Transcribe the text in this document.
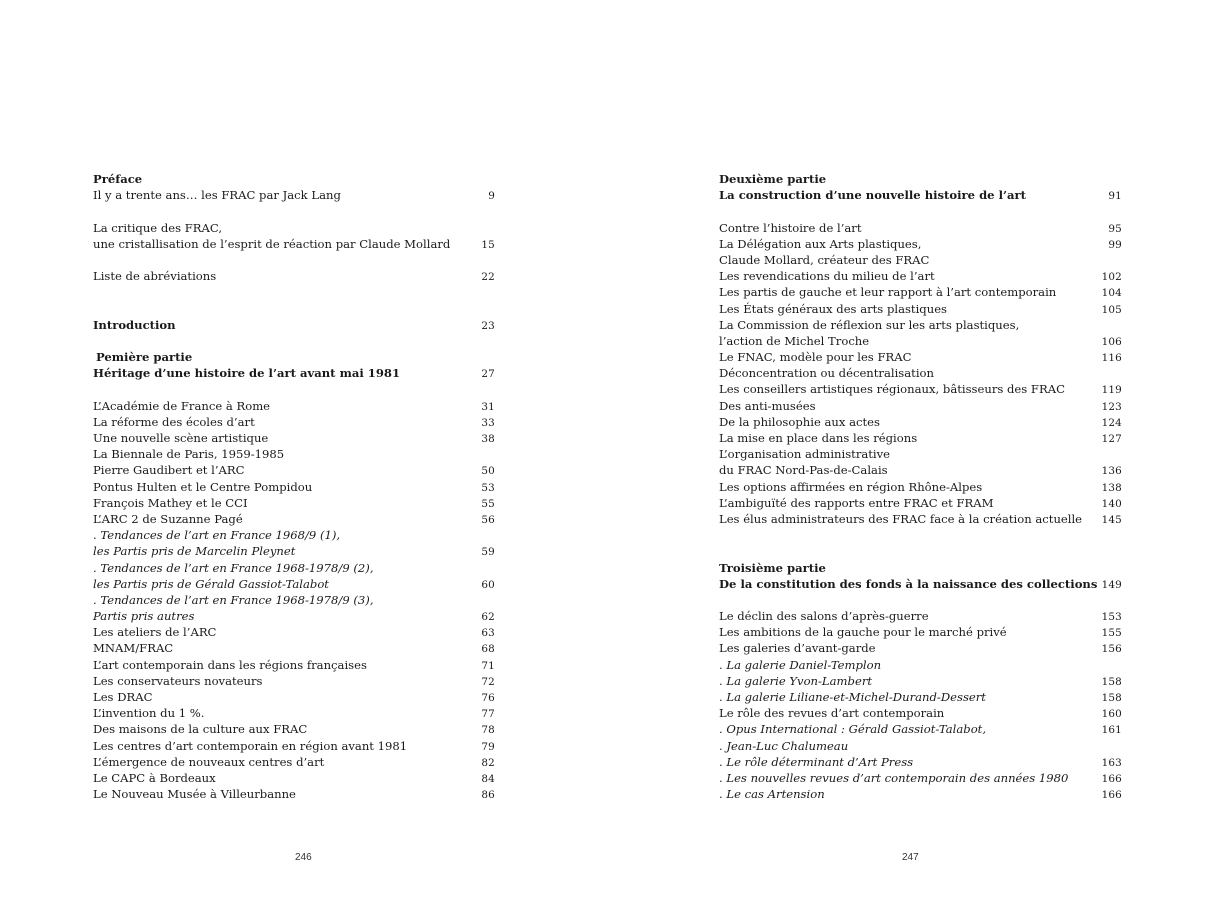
Préface
Il y a trente ans… les FRAC par Jack Lang	9
La critique des FRAC,
une cristallisation de l’esprit de réaction par Claude Mollard	15
Liste de abréviations	22
Introduction	23
Pemière partie
Héritage d’une histoire de l’art avant mai 1981	27
L’Académie de France à Rome	31
La réforme des écoles d’art	33
Une nouvelle scène artistique	38
La Biennale de Paris, 1959-1985
Pierre Gaudibert et l’ARC	50
Pontus Hulten et le Centre Pompidou	53
François Mathey et le CCI	55
L’ARC 2 de Suzanne Pagé	56
. Tendances de l’art en France 1968/9 (1),
les Partis pris de Marcelin Pleynet	59
. Tendances de l’art en France 1968-1978/9 (2),
les Partis pris de Gérald Gassiot-Talabot	60
. Tendances de l’art en France 1968-1978/9 (3),
Partis pris autres	62
Les ateliers de l’ARC	63
MNAM/FRAC	68
L’art contemporain dans les régions françaises	71
Les conservateurs novateurs	72
Les DRAC	76
L’invention du 1 %.	77
Des maisons de la culture aux FRAC	78
Les centres d’art contemporain en région avant 1981	79
L’émergence de nouveaux centres d’art	82
Le CAPC à Bordeaux	84
Le Nouveau Musée à Villeurbanne	86
Deuxième partie
La construction d’une nouvelle histoire de l’art	91
Contre l’histoire de l’art	95
La Délégation aux Arts plastiques,	99
Claude Mollard, créateur des FRAC
Les revendications du milieu de l’art	102
Les partis de gauche et leur rapport à l’art contemporain	104
Les États généraux des arts plastiques	105
La Commission de réflexion sur les arts plastiques,
l’action de Michel Troche	106
Le FNAC, modèle pour les FRAC	116
Déconcentration ou décentralisation
Les conseillers artistiques régionaux, bâtisseurs des FRAC	119
Des anti-musées	123
De la philosophie aux actes	124
La mise en place dans les régions	127
L’organisation administrative
du FRAC Nord-Pas-de-Calais	136
Les options affirmées en région Rhône-Alpes	138
L’ambiguïté des rapports entre FRAC et FRAM	140
Les élus administrateurs des FRAC face à la création actuelle 145
Troisième partie
De la constitution des fonds à la naissance des collections 149
Le déclin des salons d’après-guerre	153
Les ambitions de la gauche pour le marché privé	155
Les galeries d’avant-garde	156
. La galerie Daniel-Templon
. La galerie Yvon-Lambert	158
. La galerie Liliane-et-Michel-Durand-Dessert	158
Le rôle des revues d’art contemporain	160
. Opus International : Gérald Gassiot-Talabot,	161
. Jean-Luc Chalumeau
. Le rôle déterminant d’Art Press	163
. Les nouvelles revues d’art contemporain des années 1980	166
. Le cas Artension	166
246	247
